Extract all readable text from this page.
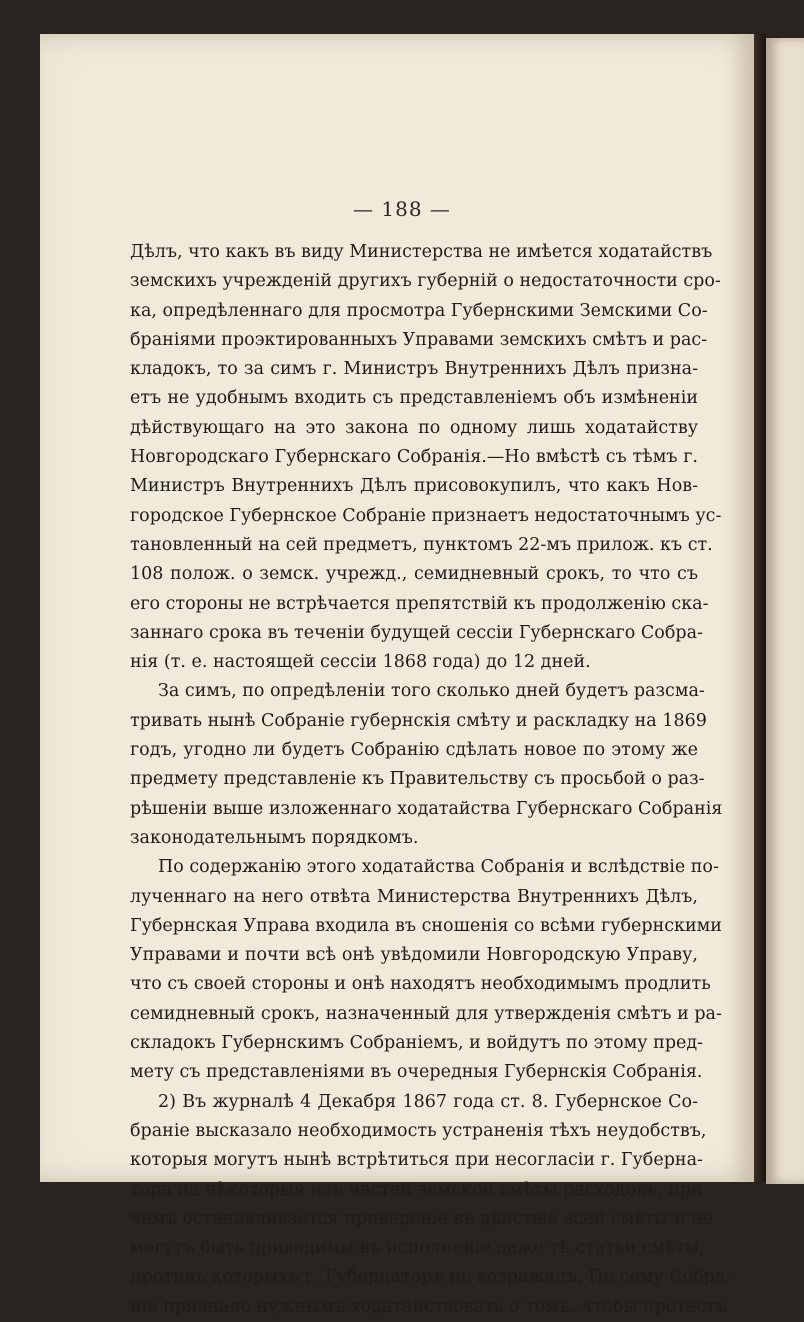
— 188 —
Дѣлъ, что какъ въ виду Министерства не имѣется ходатайствъ
земскихъ учрежденій другихъ губерній о недостаточности сро-
ка, опредѣленнаго для просмотра Губернскими Земскими Со-
браніями проэктированныхъ Управами земскихъ смѣтъ и рас-
кладокъ, то за симъ г. Министръ Внутреннихъ Дѣлъ призна-
етъ не удобнымъ входить съ представленіемъ объ измѣненіи
дѣйствующаго на это закона по одному лишь ходатайству
Новгородскаго Губернскаго Собранія.—Но вмѣстѣ съ тѣмъ г.
Министръ Внутреннихъ Дѣлъ присовокупилъ, что какъ Нов-
городское Губернское Собраніе признаетъ недостаточнымъ ус-
тановленный на сей предметъ, пунктомъ 22-мъ прилож. къ ст.
108 полож. о земск. учрежд., семидневный срокъ, то что съ
его стороны не встрѣчается препятствій къ продолженію ска-
заннаго срока въ теченіи будущей сессіи Губернскаго Собра-
нія (т. е. настоящей сессіи 1868 года) до 12 дней.
За симъ, по опредѣленіи того сколько дней будетъ разсма-
тривать нынѣ Собраніе губернскія смѣту и раскладку на 1869
годъ, угодно ли будетъ Собранію сдѣлать новое по этому же
предмету представленіе къ Правительству съ просьбой о раз-
рѣшеніи выше изложеннаго ходатайства Губернскаго Собранія
законодательнымъ порядкомъ.
По содержанію этого ходатайства Собранія и вслѣдствіе по-
лученнаго на него отвѣта Министерства Внутреннихъ Дѣлъ,
Губернская Управа входила въ сношенія со всѣми губернскими
Управами и почти всѣ онѣ увѣдомили Новгородскую Управу,
что съ своей стороны и онѣ находятъ необходимымъ продлить
семидневный срокъ, назначенный для утвержденія смѣтъ и ра-
складокъ Губернскимъ Собраніемъ, и войдутъ по этому пред-
мету съ представленіями въ очередныя Губернскія Собранія.
2) Въ журналѣ 4 Декабря 1867 года ст. 8. Губернское Со-
браніе высказало необходимость устраненія тѣхъ неудобствъ,
которыя могутъ нынѣ встрѣтиться при несогласіи г. Губерна-
тора на нѣкоторыя изъ частей земской смѣты расходовъ, при
чемъ останавливается приведеніе въ дѣйствіе всей смѣты и не
могутъ быть приводимы въ исполненіе даже тѣ статьи смѣты,
противъ которыхъ г. Губернаторъ не возражалъ. По сему Собра-
ніе признало нужнымъ ходатайствовать о томъ, чтобы протестъ
